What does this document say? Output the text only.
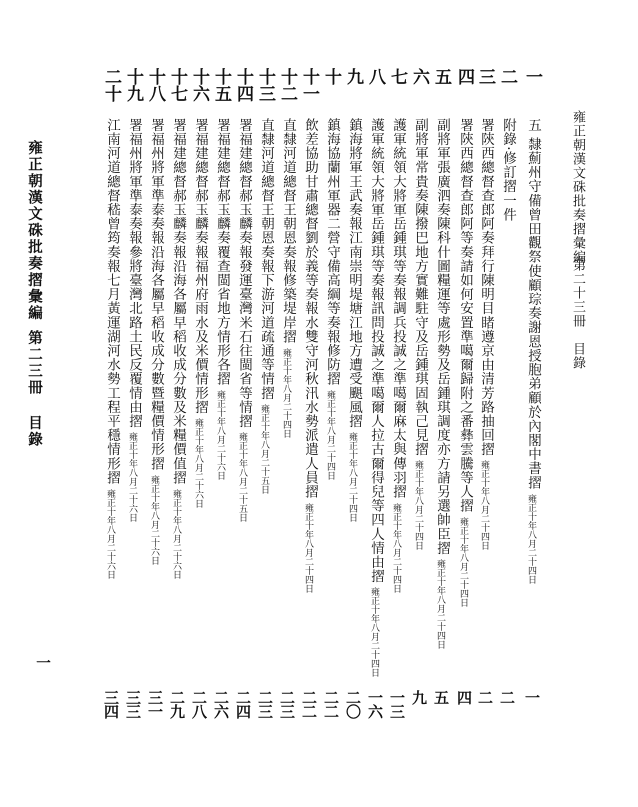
雍正朝漢文硃批奏摺彙編
第二十三冊
目錄
雍正朝漢文硃批奏摺彙編
第二三冊
目錄
一
一
五 隸薊州守備曾田觀祭使顧琮奏謝恩授胞弟顧於內閣中書摺
雍正十年八月二十四日
一
二
附錄·修訂摺一件
二
三
署陝西總督查郎阿奏拜行陳明目睹遵京由清芳路抽回摺
雍正十年八月二十四日
二
四
署陝西總督查郎阿等奏請如何安置準噶爾歸附之番彝雲騰等人摺
雍正十年八月二十四日
四
五
副將軍張廣泗奏陳科什圖糧運等處形勢及岳鍾琪調度亦方請另選帥臣摺
雍正十年八月二十四日
五
六
副將軍常貴奏陳撥巴地方實難駐守及岳鍾琪固執己見摺
雍正十年八月二十四日
九
七
護軍統領大將軍岳鍾琪等奏報調兵投誠之準噶爾麻太與傳羽摺
雍正十年八月二十四日
一三
八
護軍統領大將軍岳鍾琪等奏報訊問投誠之準噶爾人拉古爾得兒等四人情由摺
雍正十年八月二十四日
一六
九
鎮海將軍王武奏報江南崇明堤塘江地方遭受颶風摺
雍正十年八月二十四日
二〇
十
鎮海協蘭州軍器二營守備高綱等奏報修防摺
雍正十年八月二十四日
二二
十一
飲差協助甘肅總督劉於義等奏報水雙守河秋汛水勢派遣人員摺
雍正十年八月二十四日
二二
十二
直隸河道總督王朝恩奏報修築堤岸摺
雍正十年八月二十四日
二三
十三
直隸河道總督王朝恩奏報下游河道疏通等情摺
雍正十年八月二十五日
二三
十四
署福建總督郝玉麟奏報發運臺灣米石往閩省等情摺
雍正十年八月二十五日
二四
十五
署福建總督郝玉麟奏覆查閩省地方情形各摺
雍正十年八月二十六日
二六
十六
署福建總督郝玉麟奏報福州府雨水及米價情形摺
雍正十年八月二十六日
二八
十七
署福建總督郝玉麟奏報沿海各屬早稻收成分數及米糧價值摺
雍正十年八月二十六日
二九
十八
署福州將軍準泰奏報沿海各屬早稻收成分數暨糧價情形摺
雍正十年八月二十六日
三一
十九
署福州將軍準泰奏報參將臺灣北路土民反覆情由摺
雍正十年八月二十六日
三三
二十
江南河道總督嵇曾筠奏報七月黃運湖河水勢工程平穩情形摺
雍正十年八月二十六日
三四
